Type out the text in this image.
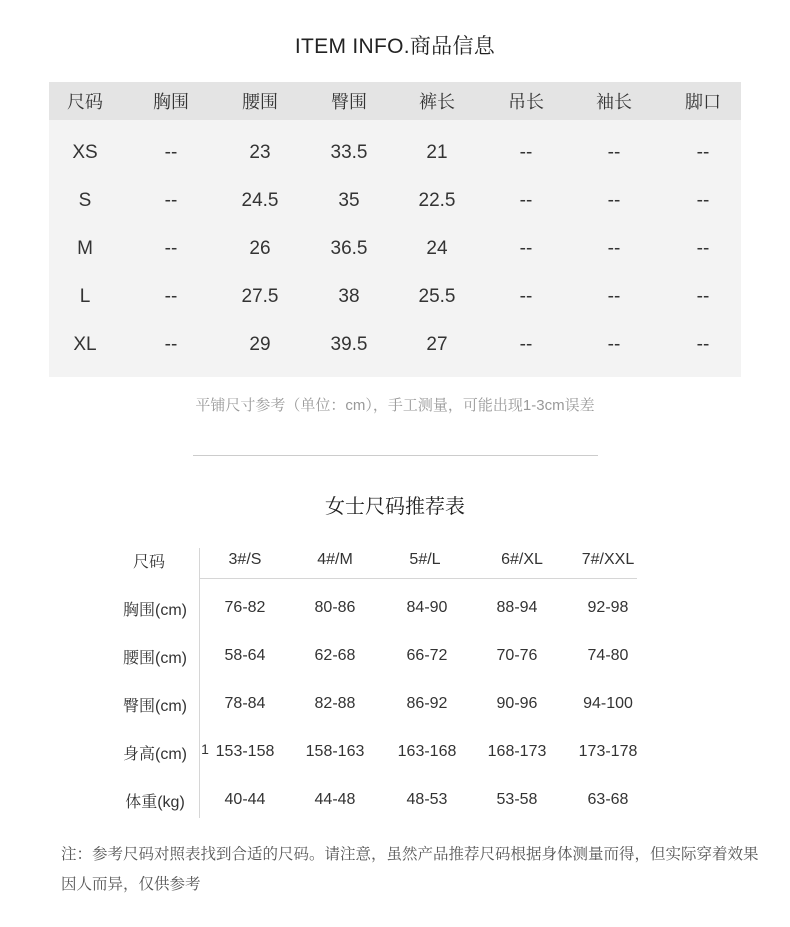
ITEM INFO.商品信息
尺码	胸围	腰围	臀围	裤长	吊长	袖长	脚口
XS	--	23	33.5	21	--	--	--
S	--	24.5	35	22.5	--	--	--
M	--	26	36.5	24	--	--	--
L	--	27.5	38	25.5	--	--	--
XL	--	29	39.5	27	--	--	--
平铺尺寸参考（单位：cm），手工测量，可能出现1-3cm误差
女士尺码推荐表
尺码	3#/S	4#/M	5#/L	6#/XL	7#/XXL
胸围(cm)	76-82	80-86	84-90	88-94	92-98
腰围(cm)	58-64	62-68	66-72	70-76	74-80
臀围(cm)	78-84	82-88	86-92	90-96	94-100
身高(cm)	1 153-158	158-163	163-168	168-173	173-178
体重(kg)	40-44	44-48	48-53	53-58	63-68
注：参考尺码对照表找到合适的尺码。请注意，虽然产品推荐尺码根据身体测量而得，但实际穿着效果因人而异，仅供参考
